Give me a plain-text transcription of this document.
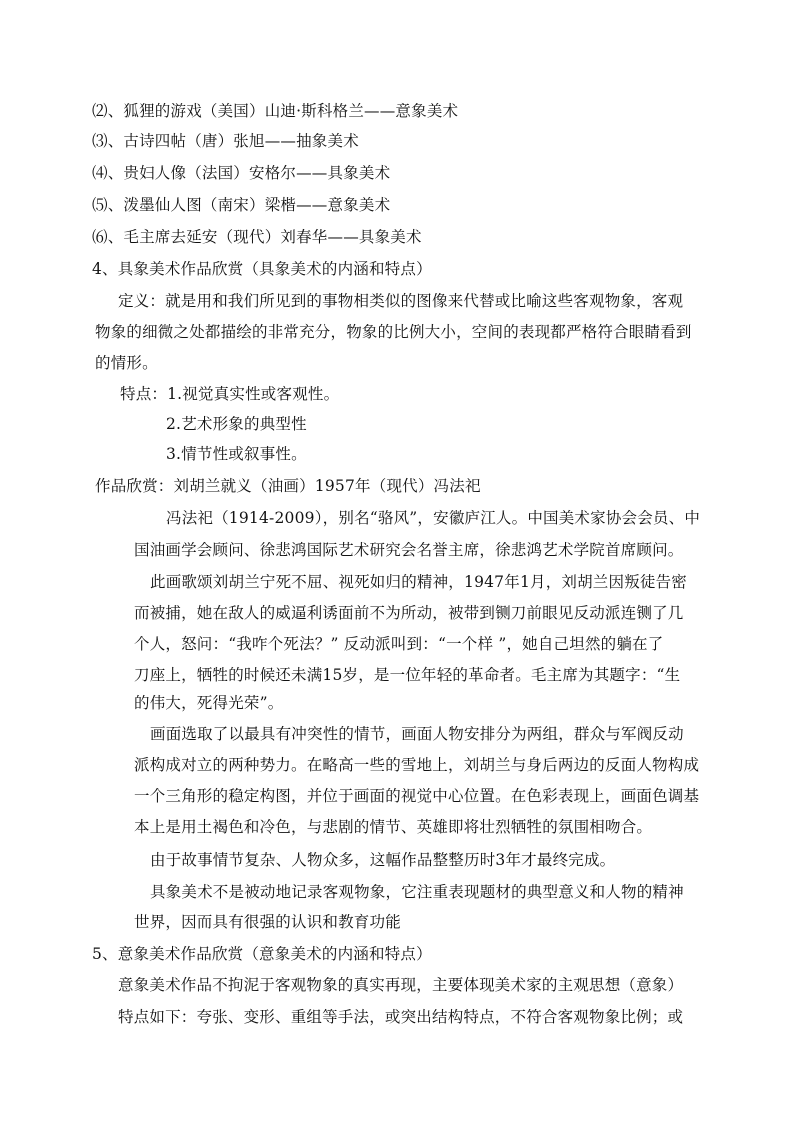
⑵、狐狸的游戏（美国）山迪·斯科格兰——意象美术
⑶、古诗四帖（唐）张旭——抽象美术
⑷、贵妇人像（法国）安格尔——具象美术
⑸、泼墨仙人图（南宋）梁楷——意象美术
⑹、毛主席去延安（现代）刘春华——具象美术
4、具象美术作品欣赏（具象美术的内涵和特点）
定义：就是用和我们所见到的事物相类似的图像来代替或比喻这些客观物象，客观
物象的细微之处都描绘的非常充分，物象的比例大小，空间的表现都严格符合眼睛看到
的情形。
特点：1.视觉真实性或客观性。
2.艺术形象的典型性
3.情节性或叙事性。
作品欣赏：刘胡兰就义（油画）1957年（现代）冯法祀
冯法祀（1914-2009），别名“骆风”，安徽庐江人。中国美术家协会会员、中
国油画学会顾问、徐悲鸿国际艺术研究会名誉主席，徐悲鸿艺术学院首席顾问。
此画歌颂刘胡兰宁死不屈、视死如归的精神，1947年1月，刘胡兰因叛徒告密
而被捕，她在敌人的威逼利诱面前不为所动，被带到铡刀前眼见反动派连铡了几
个人，怒问：“我咋个死法？” 反动派叫到：“一个样 ”，她自己坦然的躺在了
刀座上，牺牲的时候还未满15岁，是一位年轻的革命者。毛主席为其题字：“生
的伟大，死得光荣”。
画面选取了以最具有冲突性的情节，画面人物安排分为两组，群众与军阀反动
派构成对立的两种势力。在略高一些的雪地上，刘胡兰与身后两边的反面人物构成
一个三角形的稳定构图，并位于画面的视觉中心位置。在色彩表现上，画面色调基
本上是用土褐色和冷色，与悲剧的情节、英雄即将壮烈牺牲的氛围相吻合。
由于故事情节复杂、人物众多，这幅作品整整历时3年才最终完成。
具象美术不是被动地记录客观物象，它注重表现题材的典型意义和人物的精神
世界，因而具有很强的认识和教育功能
5、意象美术作品欣赏（意象美术的内涵和特点）
意象美术作品不拘泥于客观物象的真实再现，主要体现美术家的主观思想（意象）
特点如下：夸张、变形、重组等手法，或突出结构特点，不符合客观物象比例；或
